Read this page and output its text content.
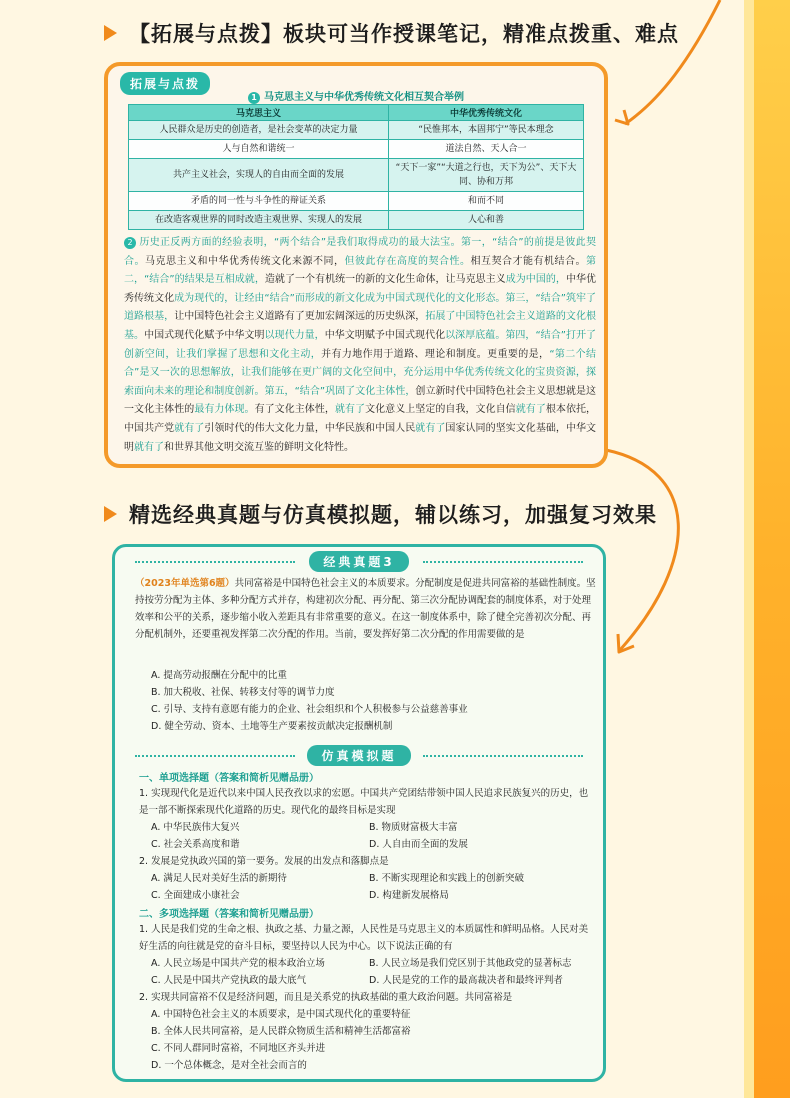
【拓展与点拨】板块可当作授课笔记，精准点拨重、难点
拓展与点拨
1 马克思主义与中华优秀传统文化相互契合举例
马克思主义	中华优秀传统文化
人民群众是历史的创造者，是社会变革的决定力量	“民惟邦本，本固邦宁”等民本理念
人与自然和谐统一	道法自然、天人合一
共产主义社会，实现人的自由而全面的发展	“天下一家”“大道之行也，天下为公”、天下大同、协和万邦
矛盾的同一性与斗争性的辩证关系	和而不同
在改造客观世界的同时改造主观世界、实现人的发展	人心和善
2 历史正反两方面的经验表明，“两个结合”是我们取得成功的最大法宝。第一，“结合”的前提是彼此契合。马克思主义和中华优秀传统文化来源不同，但彼此存在高度的契合性。相互契合才能有机结合。第二，“结合”的结果是互相成就，造就了一个有机统一的新的文化生命体，让马克思主义成为中国的，中华优秀传统文化成为现代的，让经由“结合”而形成的新文化成为中国式现代化的文化形态。第三，“结合”筑牢了道路根基，让中国特色社会主义道路有了更加宏阔深远的历史纵深，拓展了中国特色社会主义道路的文化根基。中国式现代化赋予中华文明以现代力量，中华文明赋予中国式现代化以深厚底蕴。第四，“结合”打开了创新空间，让我们掌握了思想和文化主动，并有力地作用于道路、理论和制度。更重要的是，“第二个结合”是又一次的思想解放，让我们能够在更广阔的文化空间中，充分运用中华优秀传统文化的宝贵资源，探索面向未来的理论和制度创新。第五，“结合”巩固了文化主体性，创立新时代中国特色社会主义思想就是这一文化主体性的最有力体现。有了文化主体性，就有了文化意义上坚定的自我，文化自信就有了根本依托，中国共产党就有了引领时代的伟大文化力量，中华民族和中国人民就有了国家认同的坚实文化基础，中华文明就有了和世界其他文明交流互鉴的鲜明文化特性。
精选经典真题与仿真模拟题，辅以练习，加强复习效果
经典真题3
（2023年单选第6题）共同富裕是中国特色社会主义的本质要求。分配制度是促进共同富裕的基础性制度。坚持按劳分配为主体、多种分配方式并存，构建初次分配、再分配、第三次分配协调配套的制度体系，对于处理效率和公平的关系，逐步缩小收入差距具有非常重要的意义。在这一制度体系中，除了健全完善初次分配、再分配机制外，还要重视发挥第二次分配的作用。当前，要发挥好第二次分配的作用需要做的是
A. 提高劳动报酬在分配中的比重
B. 加大税收、社保、转移支付等的调节力度
C. 引导、支持有意愿有能力的企业、社会组织和个人积极参与公益慈善事业
D. 健全劳动、资本、土地等生产要素按贡献决定报酬机制
仿真模拟题
一、单项选择题（答案和简析见赠品册）
1. 实现现代化是近代以来中国人民孜孜以求的宏愿。中国共产党团结带领中国人民追求民族复兴的历史，也是一部不断探索现代化道路的历史。现代化的最终目标是实现
A. 中华民族伟大复兴	B. 物质财富极大丰富
C. 社会关系高度和谐	D. 人自由而全面的发展
2. 发展是党执政兴国的第一要务。发展的出发点和落脚点是
A. 满足人民对美好生活的新期待	B. 不断实现理论和实践上的创新突破
C. 全面建成小康社会	D. 构建新发展格局
二、多项选择题（答案和简析见赠品册）
1. 人民是我们党的生命之根、执政之基、力量之源，人民性是马克思主义的本质属性和鲜明品格。人民对美好生活的向往就是党的奋斗目标，要坚持以人民为中心。以下说法正确的有
A. 人民立场是中国共产党的根本政治立场	B. 人民立场是我们党区别于其他政党的显著标志
C. 人民是中国共产党执政的最大底气	D. 人民是党的工作的最高裁决者和最终评判者
2. 实现共同富裕不仅是经济问题，而且是关系党的执政基础的重大政治问题。共同富裕是
A. 中国特色社会主义的本质要求，是中国式现代化的重要特征
B. 全体人民共同富裕，是人民群众物质生活和精神生活都富裕
C. 不同人群同时富裕，不同地区齐头并进
D. 一个总体概念，是对全社会而言的
